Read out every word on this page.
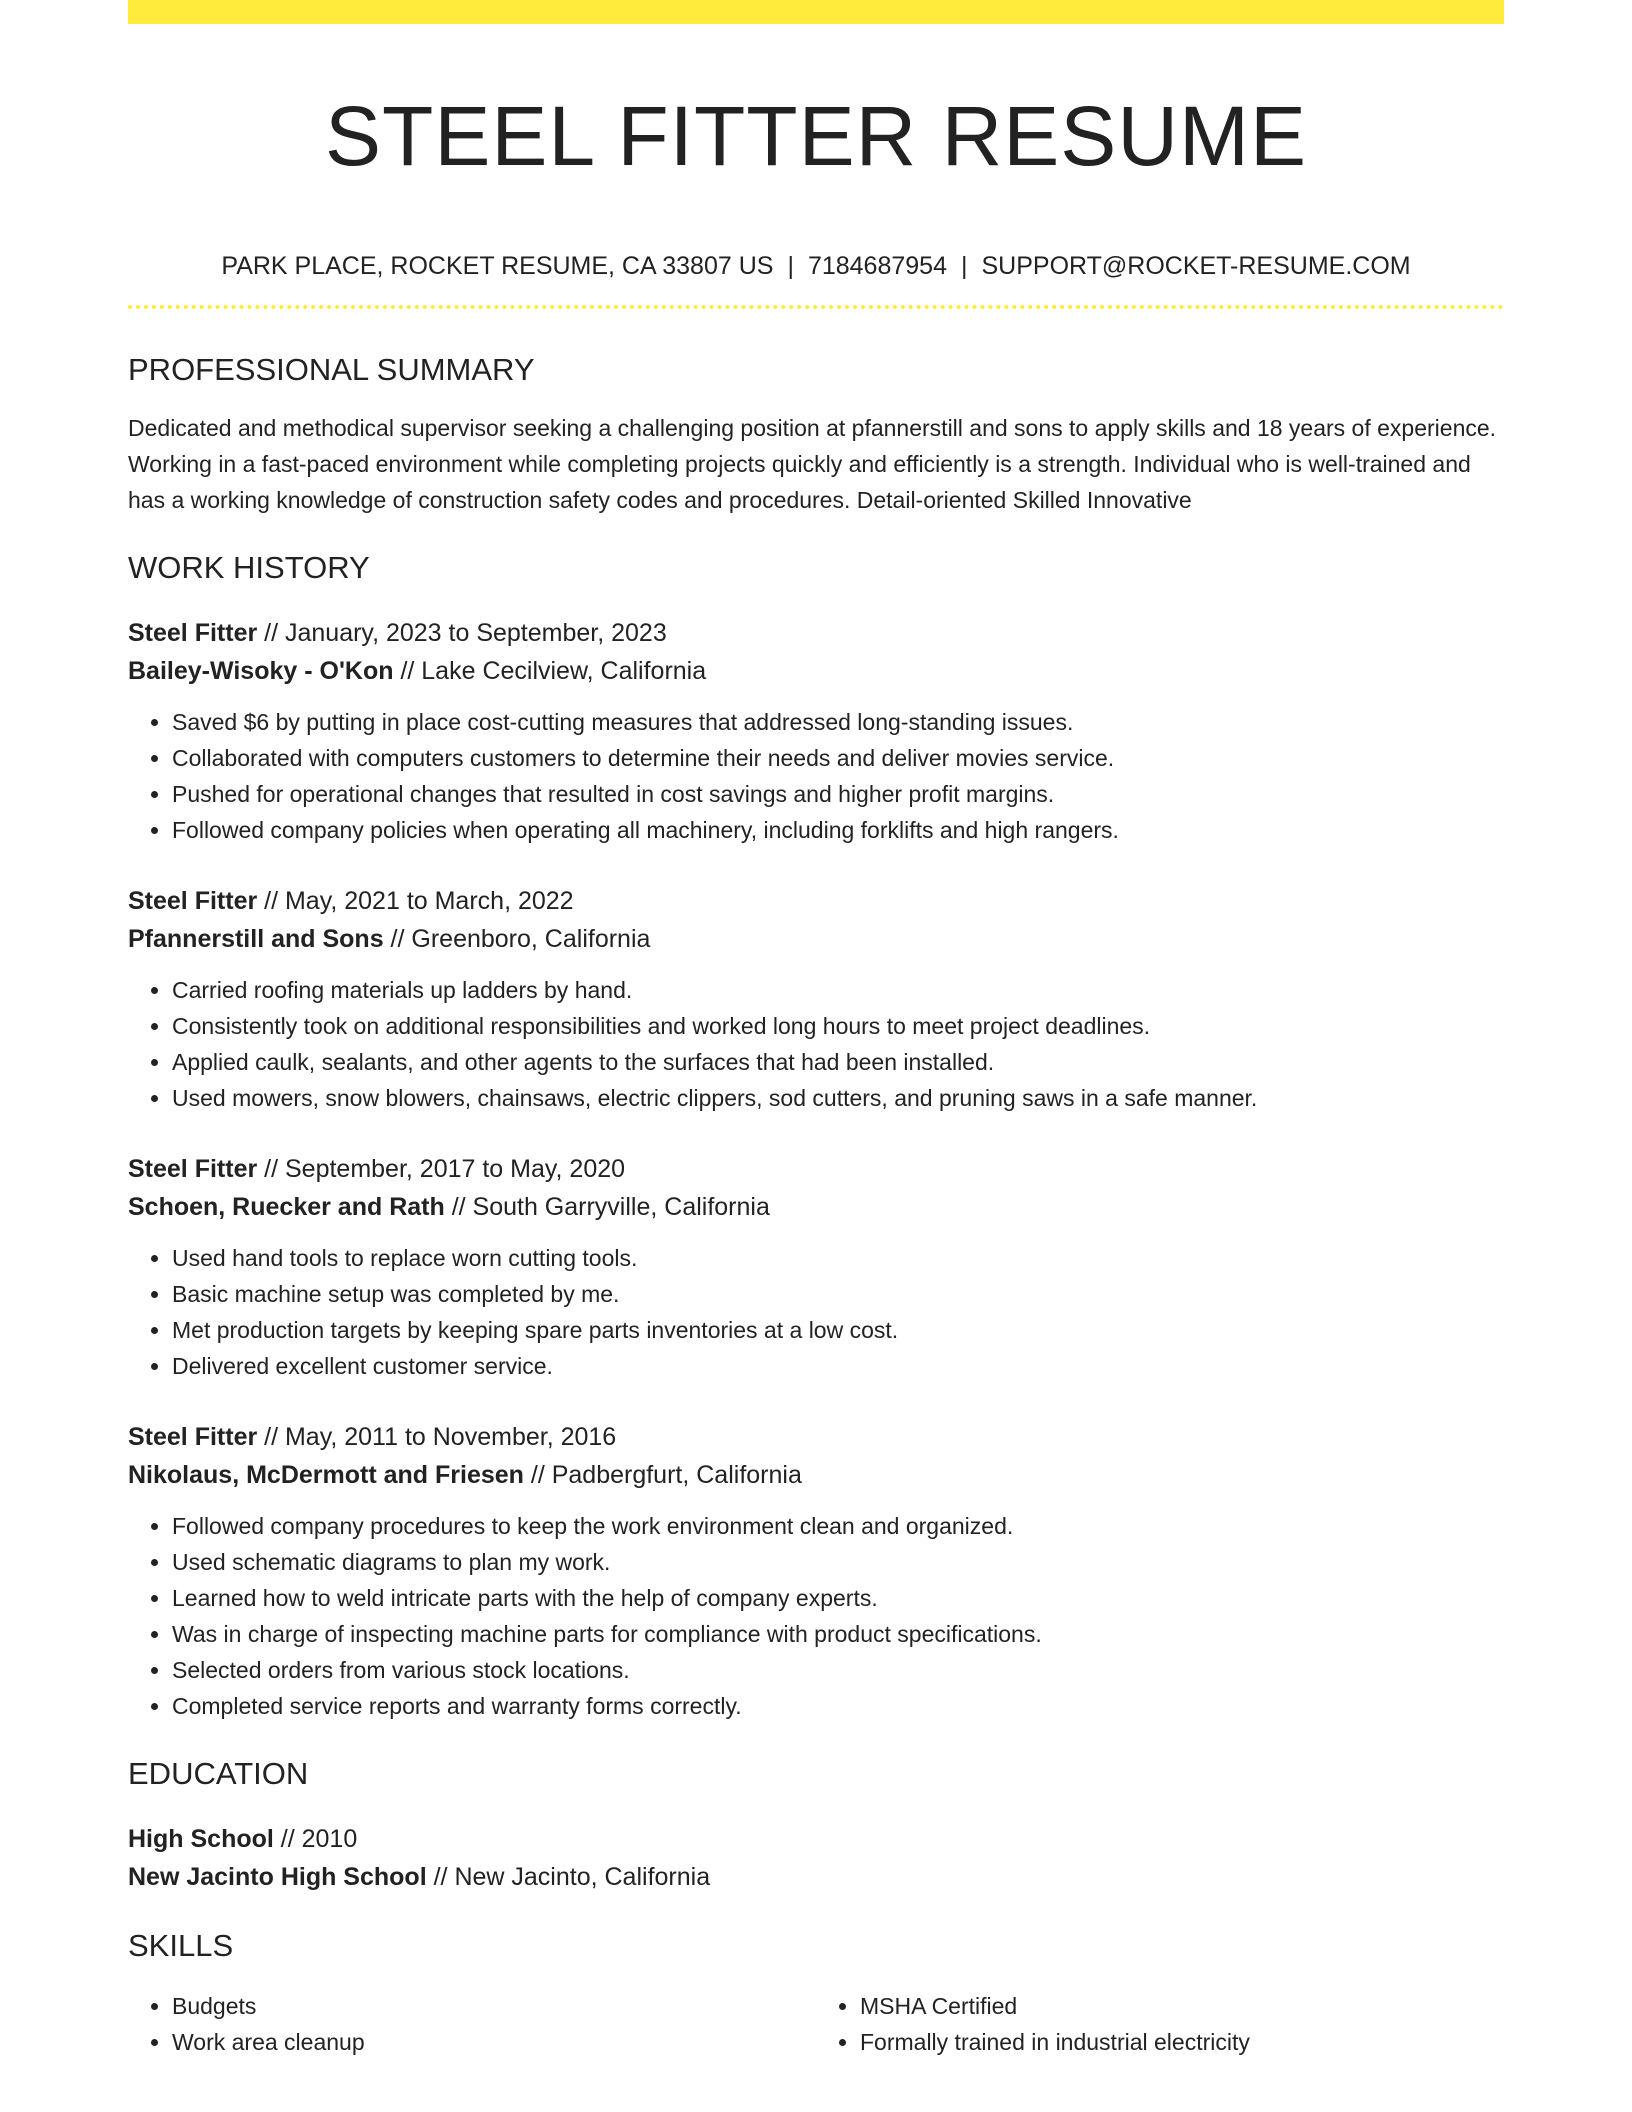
STEEL FITTER RESUME
PARK PLACE, ROCKET RESUME, CA 33807 US | 7184687954 | SUPPORT@ROCKET-RESUME.COM
PROFESSIONAL SUMMARY

Dedicated and methodical supervisor seeking a challenging position at pfannerstill and sons to apply skills and 18 years of experience. Working in a fast-paced environment while completing projects quickly and efficiently is a strength. Individual who is well-trained and has a working knowledge of construction safety codes and procedures. Detail-oriented Skilled Innovative

WORK HISTORY
Steel Fitter // January, 2023 to September, 2023
Bailey-Wisoky - O'Kon // Lake Cecilview, California
• Saved $6 by putting in place cost-cutting measures that addressed long-standing issues.
• Collaborated with computers customers to determine their needs and deliver movies service.
• Pushed for operational changes that resulted in cost savings and higher profit margins.
• Followed company policies when operating all machinery, including forklifts and high rangers.
Steel Fitter // May, 2021 to March, 2022
Pfannerstill and Sons // Greenboro, California
• Carried roofing materials up ladders by hand.
• Consistently took on additional responsibilities and worked long hours to meet project deadlines.
• Applied caulk, sealants, and other agents to the surfaces that had been installed.
• Used mowers, snow blowers, chainsaws, electric clippers, sod cutters, and pruning saws in a safe manner.
Steel Fitter // September, 2017 to May, 2020
Schoen, Ruecker and Rath // South Garryville, California
• Used hand tools to replace worn cutting tools.
• Basic machine setup was completed by me.
• Met production targets by keeping spare parts inventories at a low cost.
• Delivered excellent customer service.
Steel Fitter // May, 2011 to November, 2016
Nikolaus, McDermott and Friesen // Padbergfurt, California
• Followed company procedures to keep the work environment clean and organized.
• Used schematic diagrams to plan my work.
• Learned how to weld intricate parts with the help of company experts.
• Was in charge of inspecting machine parts for compliance with product specifications.
• Selected orders from various stock locations.
• Completed service reports and warranty forms correctly.
EDUCATION
High School // 2010
New Jacinto High School // New Jacinto, California
SKILLS
• Budgets
• Work area cleanup
• MSHA Certified
• Formally trained in industrial electricity
